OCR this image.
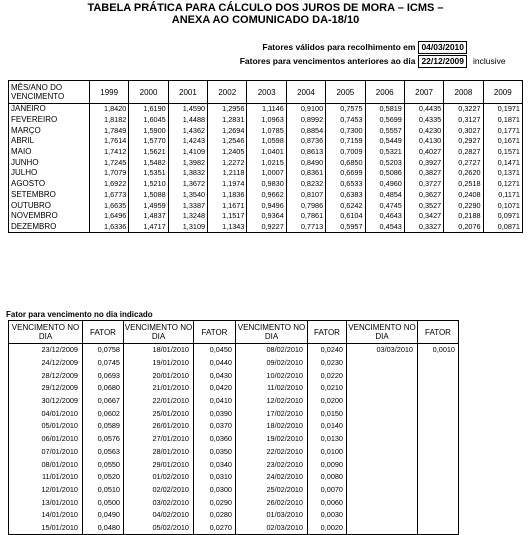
TABELA PRÁTICA PARA CÁLCULO DOS JUROS DE MORA – ICMS –
ANEXA AO COMUNICADO DA-18/10
Fatores válidos para recolhimento em 04/03/2010
Fatores para vencimentos anteriores ao dia 22/12/2009 inclusive
MÊS/ANO DO VENCIMENTO	1999	2000	2001	2002	2003	2004	2005	2006	2007	2008	2009
JANEIRO	1,8420	1,6190	1,4590	1,2956	1,1146	0,9100	0,7575	0,5819	0,4435	0,3227	0,1971
FEVEREIRO	1,8182	1,6045	1,4488	1,2831	1,0963	0,8992	0,7453	0,5699	0,4335	0,3127	0,1871
MARÇO	1,7849	1,5900	1,4362	1,2694	1,0785	0,8854	0,7300	0,5557	0,4230	0,3027	0,1771
ABRIL	1,7614	1,5770	1,4243	1,2546	1,0598	0,8736	0,7159	0,5449	0,4130	0,2927	0,1671
MAIO	1,7412	1,5621	1,4109	1,2405	1,0401	0,8613	0,7009	0,5321	0,4027	0,2827	0,1571
JUNHO	1,7245	1,5482	1,3982	1,2272	1,0215	0,8490	0,6850	0,5203	0,3927	0,2727	0,1471
JULHO	1,7079	1,5351	1,3832	1,2118	1,0007	0,8361	0,6699	0,5086	0,3827	0,2620	0,1371
AGOSTO	1,6922	1,5210	1,3672	1,1974	0,9830	0,8232	0,6533	0,4960	0,3727	0,2518	0,1271
SETEMBRO	1,6773	1,5088	1,3540	1,1836	0,9662	0,8107	0,6383	0,4854	0,3627	0,2408	0,1171
OUTUBRO	1,6635	1,4959	1,3387	1,1671	0,9496	0,7986	0,6242	0,4745	0,3527	0,2290	0,1071
NOVEMBRO	1,6496	1,4837	1,3248	1,1517	0,9364	0,7861	0,6104	0,4643	0,3427	0,2188	0,0971
DEZEMBRO	1,6336	1,4717	1,3109	1,1343	0,9227	0,7713	0,5957	0,4543	0,3327	0,2076	0,0871
Fator para vencimento no dia indicado
VENCIMENTO NO DIA	FATOR	VENCIMENTO NO DIA	FATOR	VENCIMENTO NO DIA	FATOR	VENCIMENTO NO DIA	FATOR
23/12/2009	0,0758	18/01/2010	0,0450	08/02/2010	0,0240	03/03/2010	0,0010
24/12/2009	0,0745	19/01/2010	0,0440	09/02/2010	0,0230		
28/12/2009	0,0693	20/01/2010	0,0430	10/02/2010	0,0220		
29/12/2009	0,0680	21/01/2010	0,0420	11/02/2010	0,0210		
30/12/2009	0,0667	22/01/2010	0,0410	12/02/2010	0,0200		
04/01/2010	0,0602	25/01/2010	0,0390	17/02/2010	0,0150		
05/01/2010	0,0589	26/01/2010	0,0370	18/02/2010	0,0140		
06/01/2010	0,0576	27/01/2010	0,0360	19/02/2010	0,0130		
07/01/2010	0,0563	28/01/2010	0,0350	22/02/2010	0,0100		
08/01/2010	0,0550	29/01/2010	0,0340	23/02/2010	0,0090		
11/01/2010	0,0520	01/02/2010	0,0310	24/02/2010	0,0080		
12/01/2010	0,0510	02/02/2010	0,0300	25/02/2010	0,0070		
13/01/2010	0,0500	03/02/2010	0,0290	26/02/2010	0,0060		
14/01/2010	0,0490	04/02/2010	0,0280	01/03/2010	0,0030		
15/01/2010	0,0480	05/02/2010	0,0270	02/03/2010	0,0020		
